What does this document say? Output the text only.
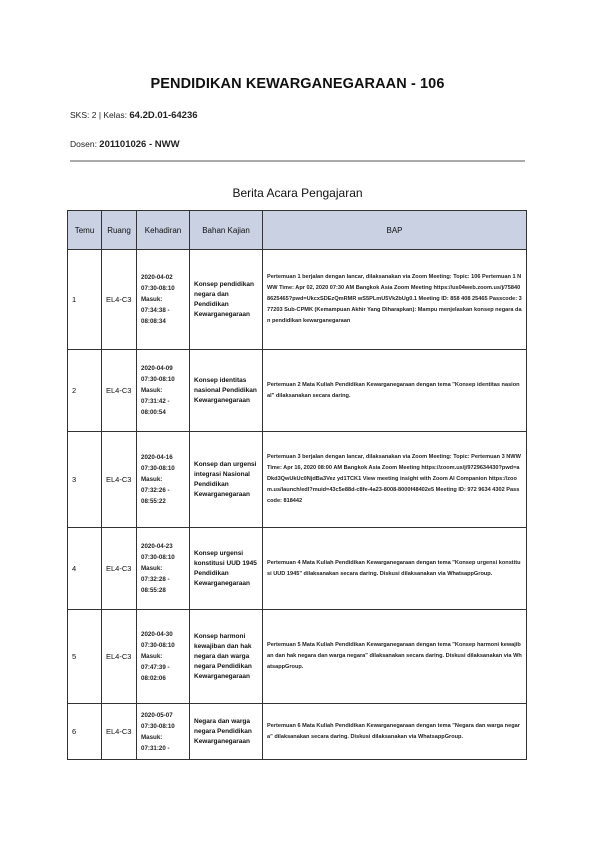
PENDIDIKAN KEWARGANEGARAAN - 106
SKS: 2 | Kelas: 64.2D.01-64236
Dosen: 201101026 - NWW
Berita Acara Pengajaran
Temu	Ruang	Kehadiran	Bahan Kajian	BAP
1	EL4-C3	2020-04-02 07:30-08:10 Masuk: 07:34:38 - 08:08:34	Konsep pendidikan negara dan Pendidikan Kewarganegaraan	Pertemuan 1 berjalan dengan lancar, dilaksanakan via Zoom Meeting: Topic: 106 Pertemuan 1 NWW Time: Apr 02, 2020 07:30 AM Bangkok Asia Zoom Meeting https://us04web.zoom.us/j/758408625465?pwd=UkcxSDEzQmRMR wS5PLmU5Vk2bUg0.1 Meeting ID: 858 408 25465 Passcode: 377203 Sub-CPMK (Kemampuan Akhir Yang Diharapkan): Mampu menjelaskan konsep negara dan pendidikan kewarganegaraan
2	EL4-C3	2020-04-09 07:30-08:10 Masuk: 07:31:42 - 08:00:54	Konsep identitas nasional Pendidikan Kewarganegaraan	Pertemuan 2 Mata Kuliah Pendidikan Kewarganegaraan dengan tema "Konsep identitas nasional" dilaksanakan secara daring.
3	EL4-C3	2020-04-16 07:30-08:10 Masuk: 07:32:26 - 08:55:22	Konsep dan urgensi integrasi Nasional Pendidikan Kewarganegaraan	Pertemuan 3 berjalan dengan lancar, dilaksanakan via Zoom Meeting: Topic: Pertemuan 3 NWW Time: Apr 16, 2020 08:00 AM Bangkok Asia Zoom Meeting https://zoom.us/j/9729634430?pwd=aDkd3QwUkUc0NjdBa3Vez yd1TCK1 View meeting insight with Zoom AI Companion https://zoom.us/launch/edl?muid=43c5e88d-c8fe-4a23-8008-8000f48402e5 Meeting ID: 972 9634 4302 Passcode: 818442
4	EL4-C3	2020-04-23 07:30-08:10 Masuk: 07:32:28 - 08:55:28	Konsep urgensi konstitusi UUD 1945 Pendidikan Kewarganegaraan	Pertemuan 4 Mata Kuliah Pendidikan Kewarganegaraan dengan tema "Konsep urgensi konstitusi UUD 1945" dilaksanakan secara daring. Diskusi dilaksanakan via WhatsappGroup.
5	EL4-C3	2020-04-30 07:30-08:10 Masuk: 07:47:39 - 08:02:06	Konsep harmoni kewajiban dan hak negara dan warga negara Pendidikan Kewarganegaraan	Pertemuan 5 Mata Kuliah Pendidikan Kewarganegaraan dengan tema "Konsep harmoni kewajiban dan hak negara dan warga negara" dilaksanakan secara daring. Diskusi dilaksanakan via WhatsappGroup.
6	EL4-C3	2020-05-07 07:30-08:10 Masuk: 07:31:20 -	Negara dan warga negara Pendidikan Kewarganegaraan	Pertemuan 6 Mata Kuliah Pendidikan Kewarganegaraan dengan tema "Negara dan warga negara" dilaksanakan secara daring. Diskusi dilaksanakan via WhatsappGroup.
